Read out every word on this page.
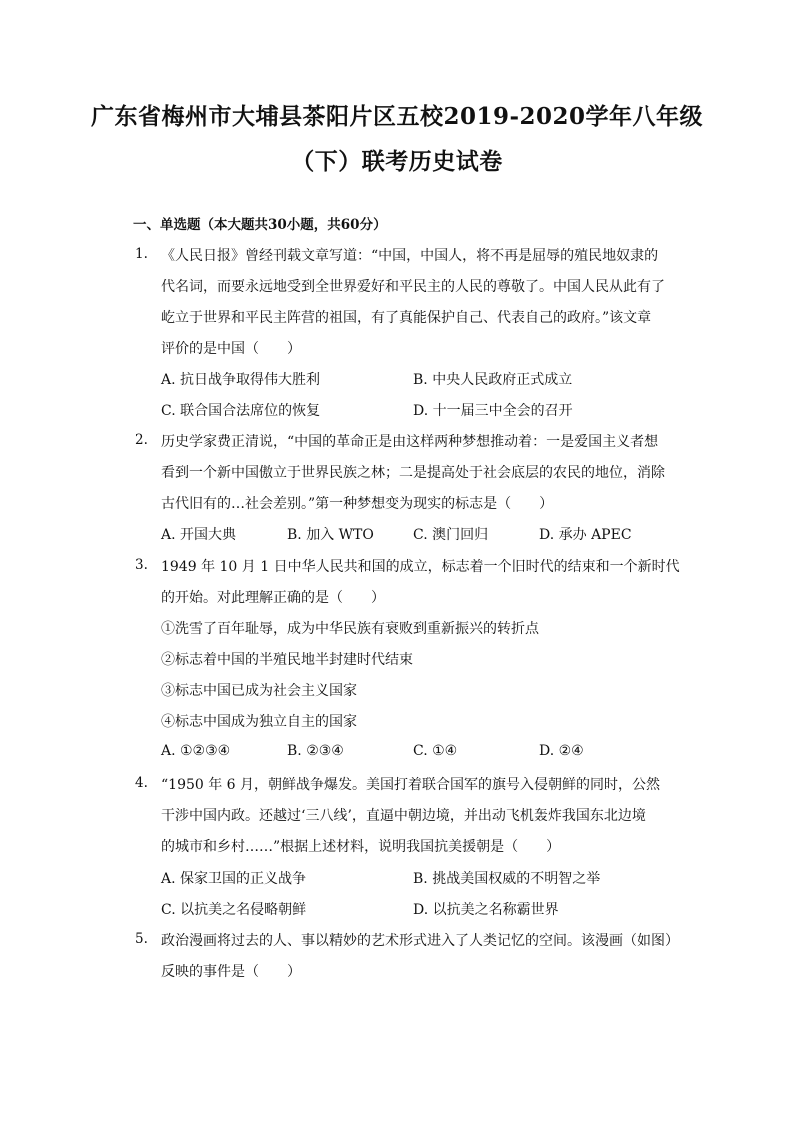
广东省梅州市大埔县茶阳片区五校2019-2020学年八年级
（下）联考历史试卷
一、单选题（本大题共30小题，共60分）
1. 《人民日报》曾经刊载文章写道：“中国，中国人，将不再是屈辱的殖民地奴隶的
代名词，而要永远地受到全世界爱好和平民主的人民的尊敬了。中国人民从此有了
屹立于世界和平民主阵营的祖国，有了真能保护自己、代表自己的政府。”该文章
评价的是中国（　　）
A. 抗日战争取得伟大胜利	B. 中央人民政府正式成立
C. 联合国合法席位的恢复	D. 十一届三中全会的召开
2. 历史学家费正清说，“中国的革命正是由这样两种梦想推动着：一是爱国主义者想
看到一个新中国傲立于世界民族之林；二是提高处于社会底层的农民的地位，消除
古代旧有的…社会差别。”第一种梦想变为现实的标志是（　　）
A. 开国大典	B. 加入 WTO	C. 澳门回归	D. 承办 APEC
3. 1949 年 10 月 1 日中华人民共和国的成立，标志着一个旧时代的结束和一个新时代
的开始。对此理解正确的是（　　）
①洗雪了百年耻辱，成为中华民族有衰败到重新振兴的转折点
②标志着中国的半殖民地半封建时代结束
③标志中国已成为社会主义国家
④标志中国成为独立自主的国家
A. ①②③④	B. ②③④	C. ①④	D. ②④
4. “1950 年 6 月，朝鲜战争爆发。美国打着联合国军的旗号入侵朝鲜的同时，公然
干涉中国内政。还越过‘三八线’，直逼中朝边境，并出动飞机轰炸我国东北边境
的城市和乡村……”根据上述材料，说明我国抗美援朝是（　　）
A. 保家卫国的正义战争	B. 挑战美国权威的不明智之举
C. 以抗美之名侵略朝鲜	D. 以抗美之名称霸世界
5. 政治漫画将过去的人、事以精妙的艺术形式进入了人类记忆的空间。该漫画（如图）
反映的事件是（　　）
